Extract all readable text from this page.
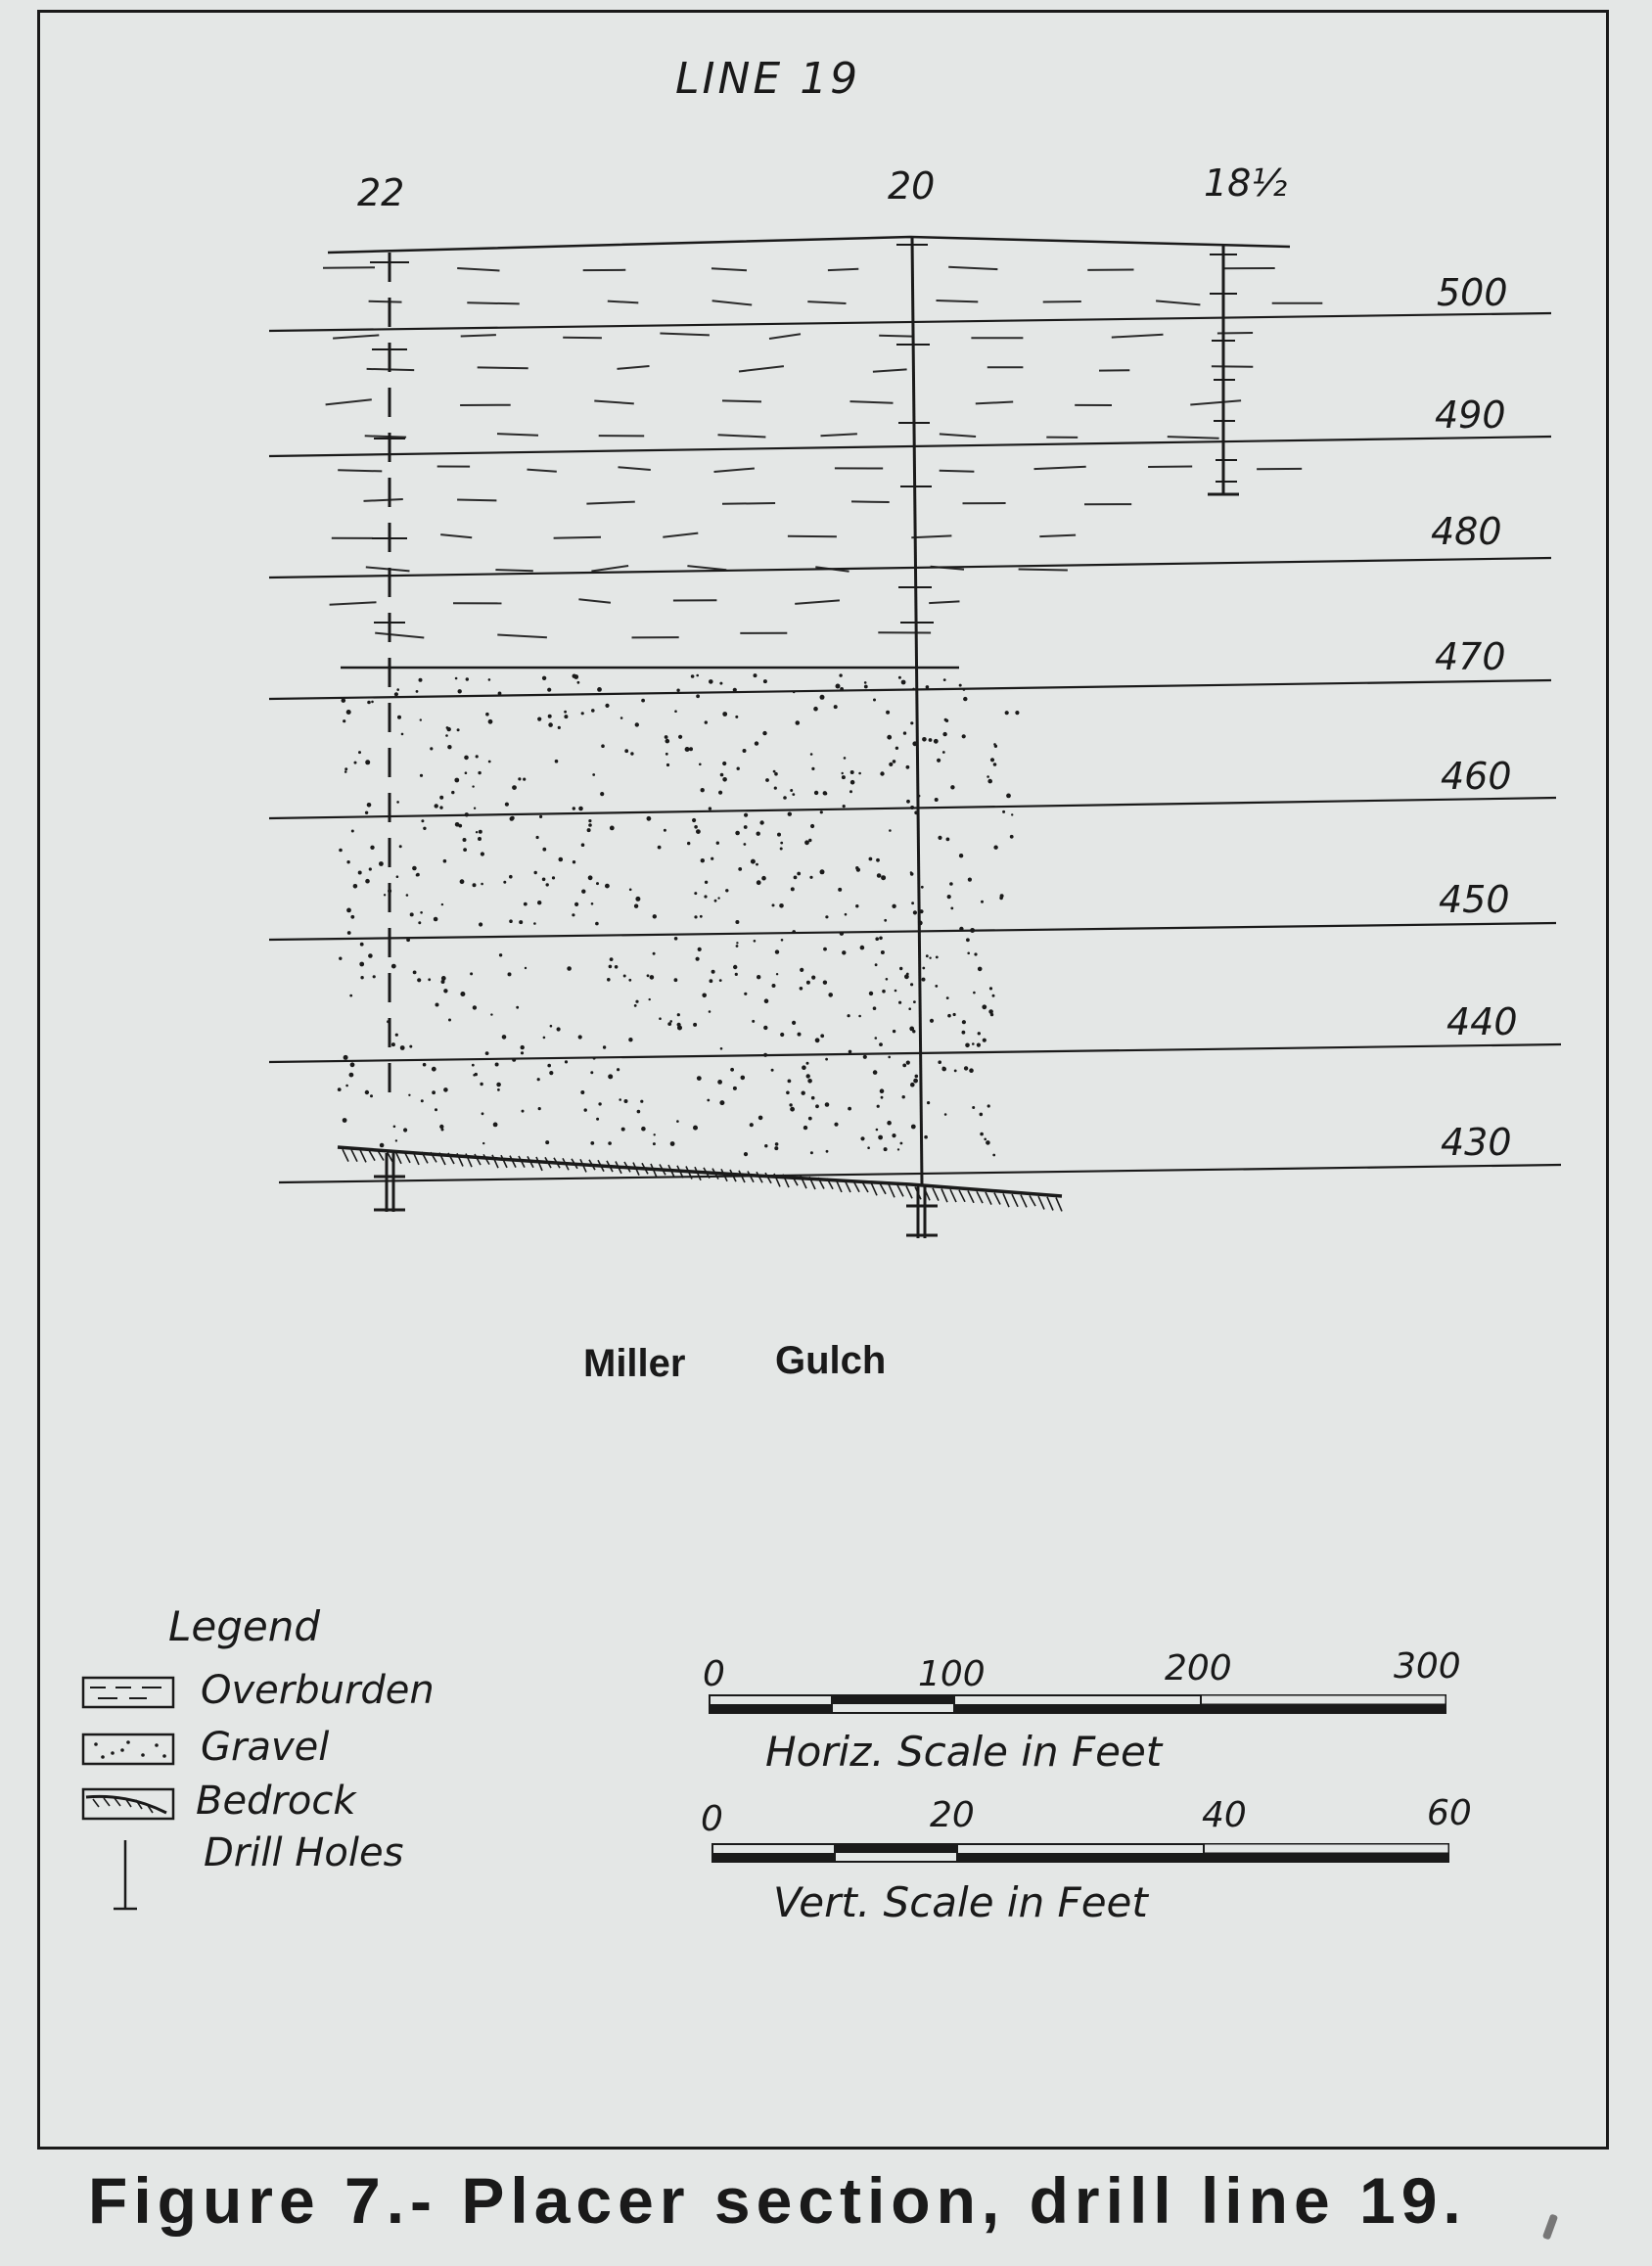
LINE 19
22	20	18½
500
490
480
470
460
450
440
430
Miller Gulch
Legend
Overburden
Gravel
Bedrock
Drill Holes
0	100	200	300
Horiz. Scale in Feet
0	20	40	60
Vert. Scale in Feet
Figure 7.- Placer section, drill line 19.
